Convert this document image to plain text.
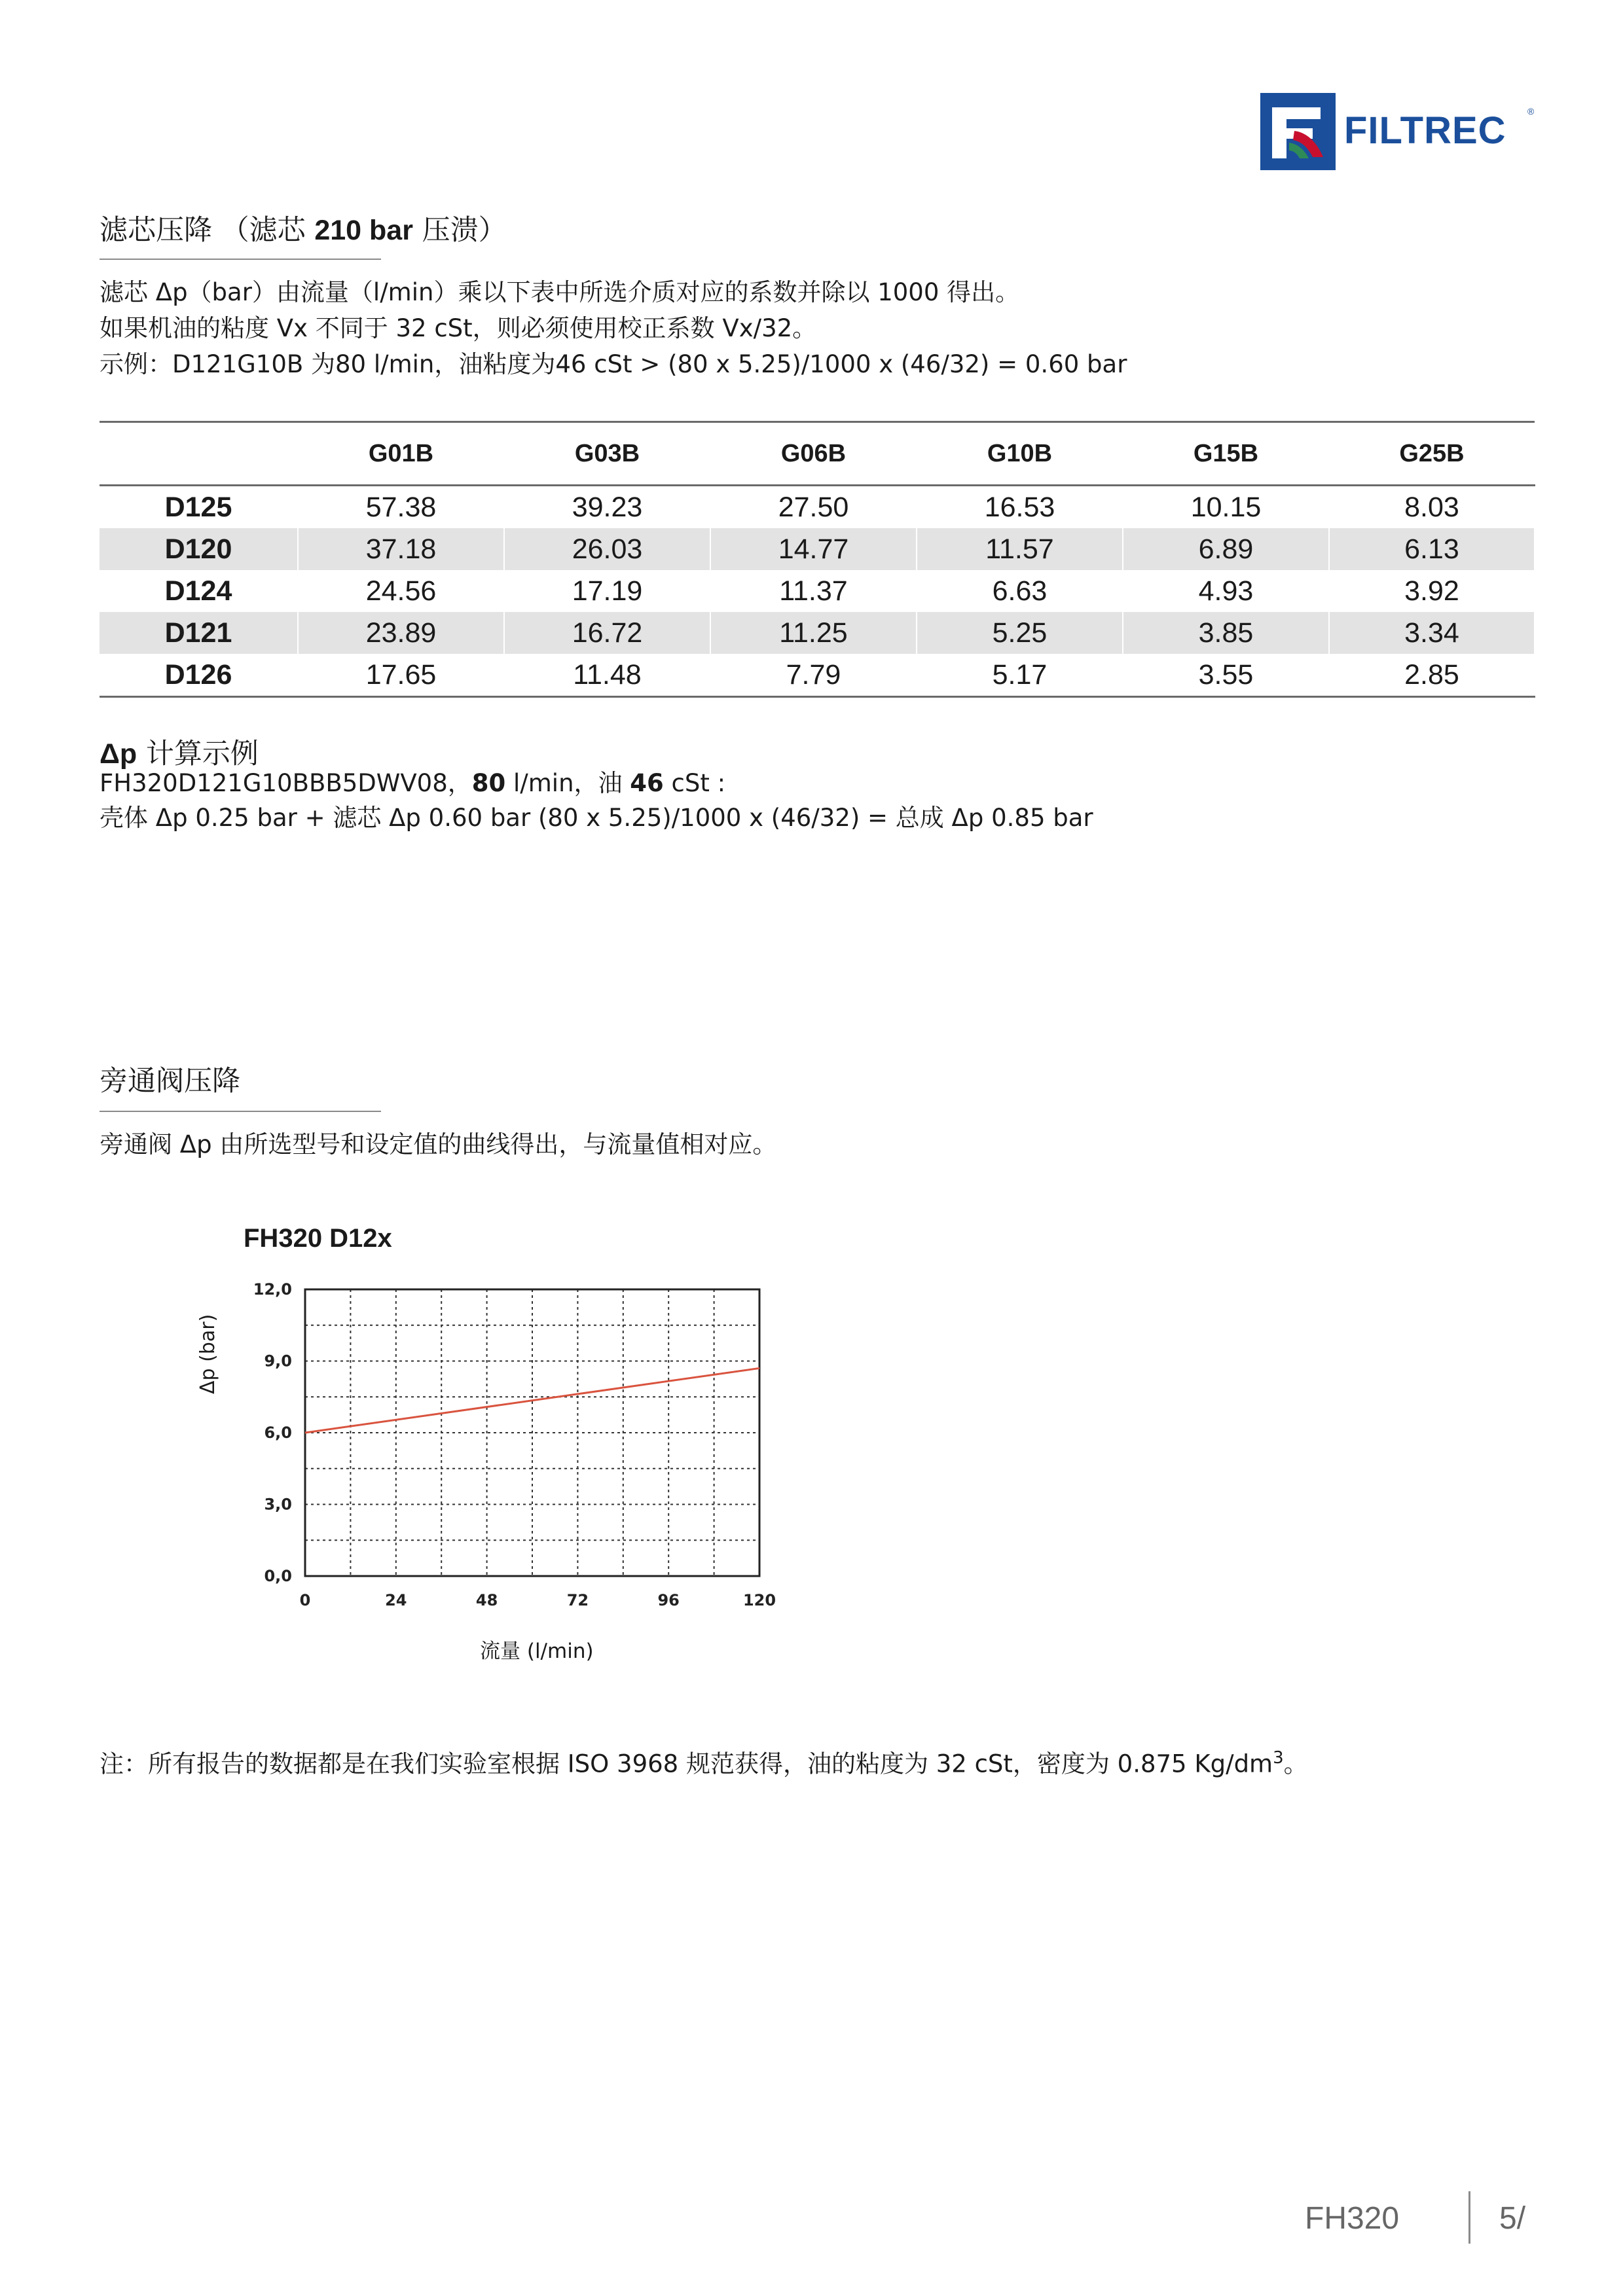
FILTREC ®
滤芯压降 （滤芯 210 bar 压溃）
滤芯 Δp（bar）由流量（l/min）乘以下表中所选介质对应的系数并除以 1000 得出。
如果机油的粘度 Vx 不同于 32 cSt，则必须使用校正系数 Vx/32。
示例：D121G10B 为80 l/min，油粘度为46 cSt > (80 x 5.25)/1000 x (46/32) = 0.60 bar
	G01B	G03B	G06B	G10B	G15B	G25B
D125	57.38	39.23	27.50	16.53	10.15	8.03
D120	37.18	26.03	14.77	11.57	6.89	6.13
D124	24.56	17.19	11.37	6.63	4.93	3.92
D121	23.89	16.72	11.25	5.25	3.85	3.34
D126	17.65	11.48	7.79	5.17	3.55	2.85
Δp 计算示例
FH320D121G10BBB5DWV08，80 l/min，油 46 cSt :
壳体 Δp 0.25 bar + 滤芯 Δp 0.60 bar (80 x 5.25)/1000 x (46/32) = 总成 Δp 0.85 bar
旁通阀压降
旁通阀 Δp 由所选型号和设定值的曲线得出，与流量值相对应。
FH320 D12x
0	24	48	72	96	120
0,0
3,0
6,0
9,0
12,0
Δp (bar)
流量 (l/min)
注：所有报告的数据都是在我们实验室根据 ISO 3968 规范获得，油的粘度为 32 cSt，密度为 0.875 $Kg/dm^3$。
FH320	5/
